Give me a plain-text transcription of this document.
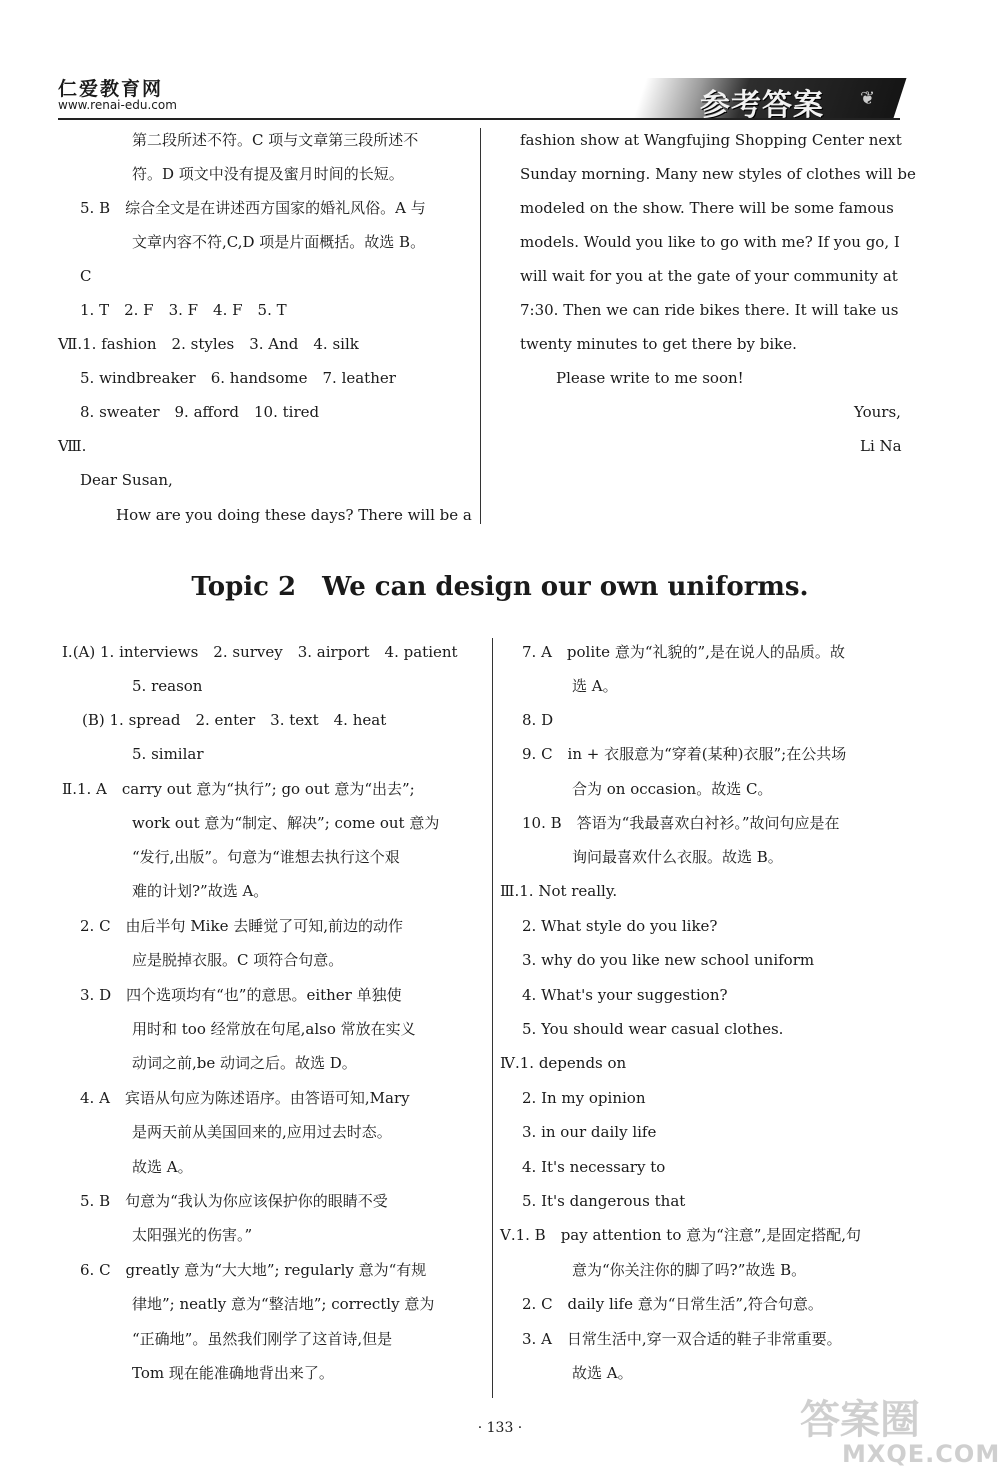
仁爱教育网
www.renai-edu.com	参考答案 ❦
第二段所述不符。C 项与文章第三段所述不
符。D 项文中没有提及蜜月时间的长短。
5. B　综合全文是在讲述西方国家的婚礼风俗。A 与
文章内容不符,C,D 项是片面概括。故选 B。
C
1. T　2. F　3. F　4. F　5. T
Ⅶ.1. fashion　2. styles　3. And　4. silk
5. windbreaker　6. handsome　7. leather
8. sweater　9. afford　10. tired
Ⅷ.
Dear Susan,
How are you doing these days? There will be a
fashion show at Wangfujing Shopping Center next
Sunday morning. Many new styles of clothes will be
modeled on the show. There will be some famous
models. Would you like to go with me? If you go, I
will wait for you at the gate of your community at
7:30. Then we can ride bikes there. It will take us
twenty minutes to get there by bike.
Please write to me soon!
Yours,
Li Na
Topic 2　We can design our own uniforms.
Ⅰ.(A) 1. interviews　2. survey　3. airport　4. patient
5. reason
(B) 1. spread　2. enter　3. text　4. heat
5. similar
Ⅱ.1. A　carry out 意为“执行”; go out 意为“出去”;
work out 意为“制定、解决”; come out 意为
“发行,出版”。句意为“谁想去执行这个艰
难的计划?”故选 A。
2. C　由后半句 Mike 去睡觉了可知,前边的动作
应是脱掉衣服。C 项符合句意。
3. D　四个选项均有“也”的意思。either 单独使
用时和 too 经常放在句尾,also 常放在实义
动词之前,be 动词之后。故选 D。
4. A　宾语从句应为陈述语序。由答语可知,Mary
是两天前从美国回来的,应用过去时态。
故选 A。
5. B　句意为“我认为你应该保护你的眼睛不受
太阳强光的伤害。”
6. C　greatly 意为“大大地”; regularly 意为“有规
律地”; neatly 意为“整洁地”; correctly 意为
“正确地”。虽然我们刚学了这首诗,但是
Tom 现在能准确地背出来了。
7. A　polite 意为“礼貌的”,是在说人的品质。故
选 A。
8. D
9. C　in + 衣服意为“穿着(某种)衣服”;在公共场
合为 on occasion。故选 C。
10. B　答语为“我最喜欢白衬衫。”故问句应是在
询问最喜欢什么衣服。故选 B。
Ⅲ.1. Not really.
2. What style do you like?
3. why do you like new school uniform
4. What's your suggestion?
5. You should wear casual clothes.
Ⅳ.1. depends on
2. In my opinion
3. in our daily life
4. It's necessary to
5. It's dangerous that
Ⅴ.1. B　pay attention to 意为“注意”,是固定搭配,句
意为“你关注你的脚了吗?”故选 B。
2. C　daily life 意为“日常生活”,符合句意。
3. A　日常生活中,穿一双合适的鞋子非常重要。
故选 A。
· 133 ·	答案圈
MXQE.COM
